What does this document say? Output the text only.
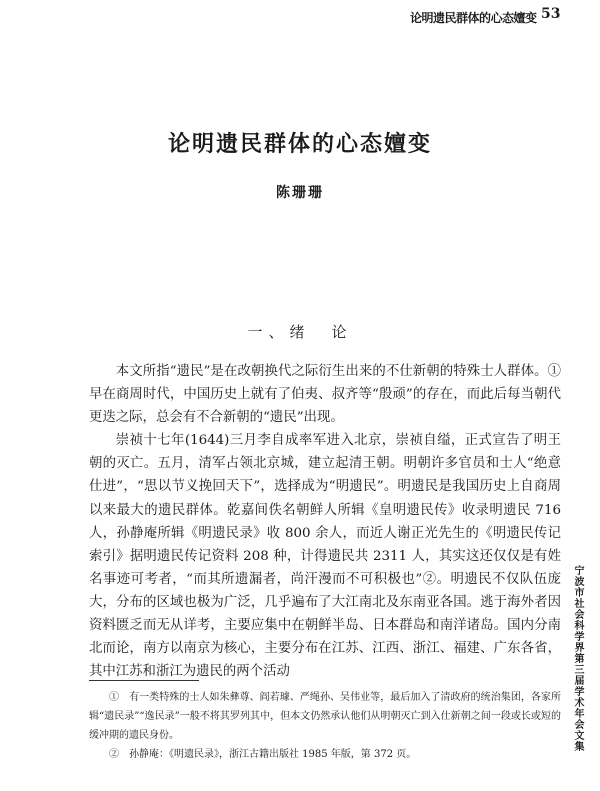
论明遗民群体的心态嬗变 53
论明遗民群体的心态嬗变
陈珊珊
一、绪　论

本文所指“遗民”是在改朝换代之际衍生出来的不仕新朝的特殊士人群体。① 早在商周时代，中国历史上就有了伯夷、叔齐等“殷顽”的存在，而此后每当朝代更迭之际，总会有不合新朝的“遗民”出现。

崇祯十七年(1644)三月李自成率军进入北京，崇祯自缢，正式宣告了明王朝的灭亡。五月，清军占领北京城，建立起清王朝。明朝许多官员和士人“绝意仕进”，“思以节义挽回天下”，选择成为“明遗民”。明遗民是我国历史上自商周以来最大的遗民群体。乾嘉间佚名朝鲜人所辑《皇明遗民传》收录明遗民 716 人，孙静庵所辑《明遗民录》收 800 余人，而近人谢正光先生的《明遗民传记索引》据明遗民传记资料 208 种，计得遗民共 2311 人，其实这还仅仅是有姓名事迹可考者，“而其所遗漏者，尚汗漫而不可积极也”②。明遗民不仅队伍庞大，分布的区域也极为广泛，几乎遍布了大江南北及东南亚各国。逃于海外者因资料匮乏而无从详考，主要应集中在朝鲜半岛、日本群岛和南洋诸岛。国内分南北而论，南方以南京为核心，主要分布在江苏、江西、浙江、福建、广东各省，其中江苏和浙江为遗民的两个活动	宁波市社会科学界第三届学术年会文集

①　有一类特殊的士人如朱彝尊、阎若璩、严绳孙、吴伟业等，最后加入了清政府的统治集团，各家所辑“遗民录”“逸民录”一般不将其罗列其中，但本文仍然承认他们从明朝灭亡到入仕新朝之间一段或长或短的缓冲期的遗民身份。

②　孙静庵：《明遗民录》，浙江古籍出版社 1985 年版，第 372 页。
